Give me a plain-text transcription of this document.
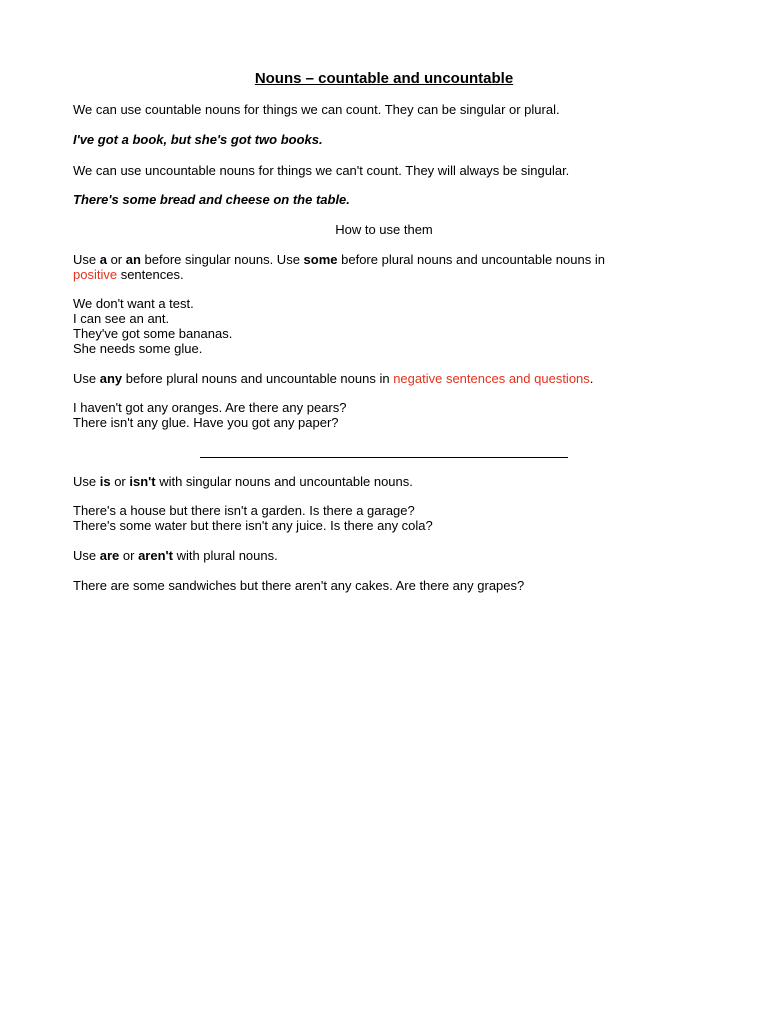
Nouns – countable and uncountable
We can use countable nouns for things we can count. They can be singular or plural.
I've got a book, but she's got two books.
We can use uncountable nouns for things we can't count. They will always be singular.
There's some bread and cheese on the table.
How to use them
Use a or an before singular nouns. Use some before plural nouns and uncountable nouns in
positive sentences.
We don't want a test.
I can see an ant.
They've got some bananas.
She needs some glue.
Use any before plural nouns and uncountable nouns in negative sentences and questions.
I haven't got any oranges. Are there any pears?
There isn't any glue. Have you got any paper?
Use is or isn't with singular nouns and uncountable nouns.
There's a house but there isn't a garden. Is there a garage?
There's some water but there isn't any juice. Is there any cola?
Use are or aren't with plural nouns.
There are some sandwiches but there aren't any cakes. Are there any grapes?
